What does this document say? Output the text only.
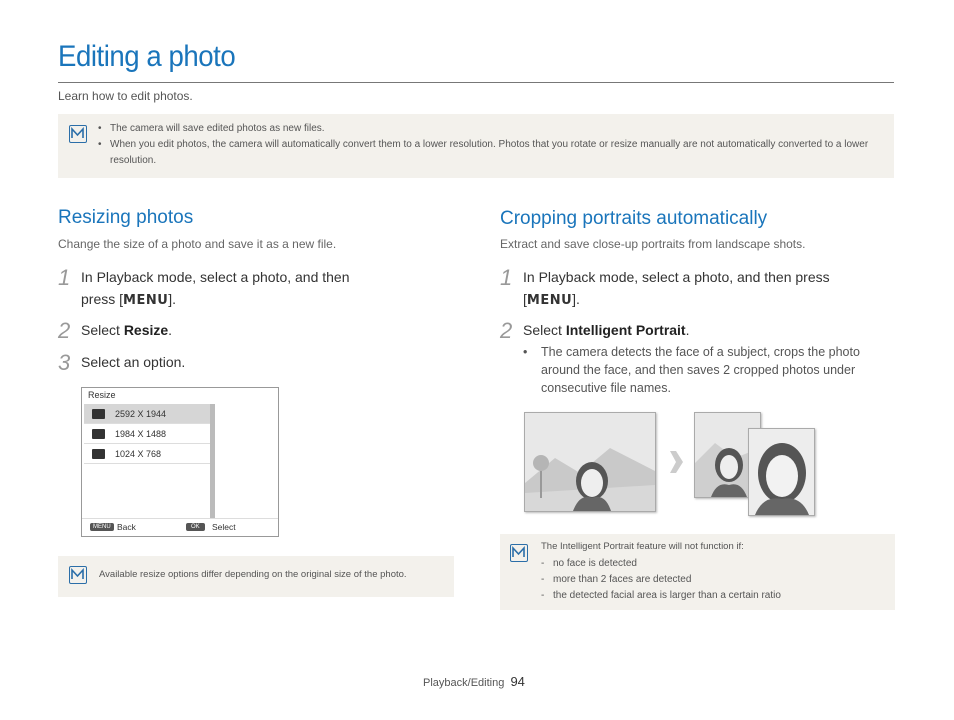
Editing a photo
Learn how to edit photos.
• The camera will save edited photos as new files.
• When you edit photos, the camera will automatically convert them to a lower resolution. Photos that you rotate or resize manually are not automatically converted to a lower resolution.
Resizing photos
Change the size of a photo and save it as a new file.
1 In Playback mode, select a photo, and then
press [MENU].
2 Select Resize.
3 Select an option.
Resize
2592 X 1944
1984 X 1488
1024 X 768
MENU Back	OK	Select
Available resize options differ depending on the original size of the photo.
Cropping portraits automatically
Extract and save close-up portraits from landscape shots.
1 In Playback mode, select a photo, and then press
[MENU].
2 Select Intelligent Portrait.
• The camera detects the face of a subject, crops the photo around the face, and then saves 2 cropped photos under consecutive file names.
The Intelligent Portrait feature will not function if:
- no face is detected
- more than 2 faces are detected
- the detected facial area is larger than a certain ratio
Playback/Editing 94
